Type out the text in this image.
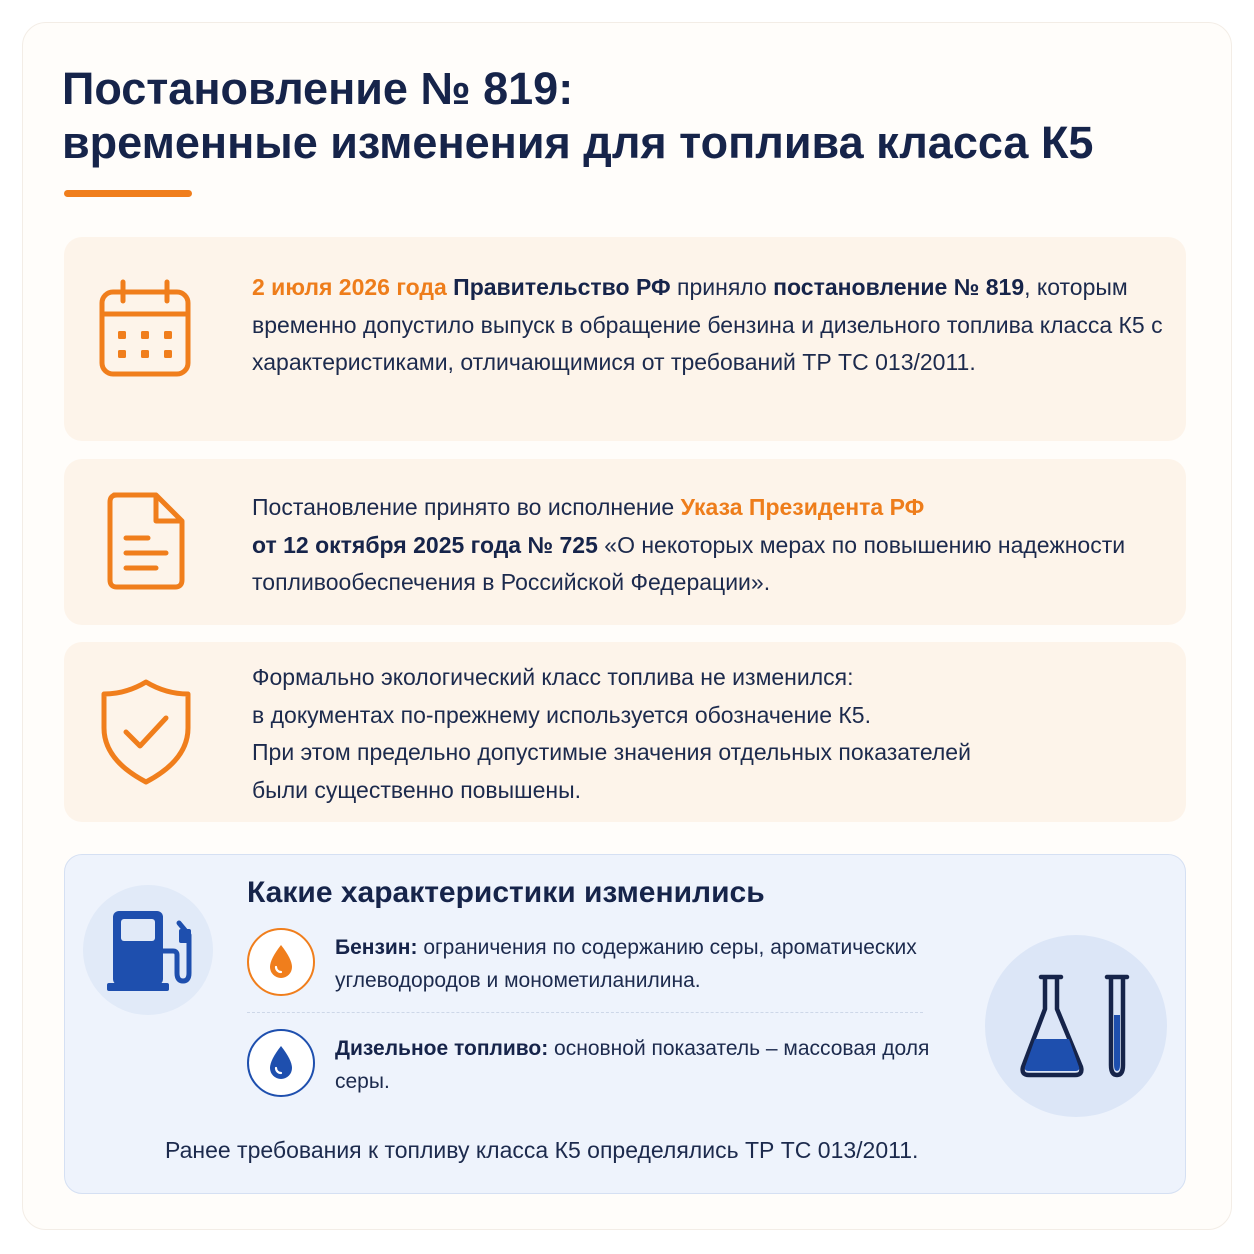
Постановление № 819:
временные изменения для топлива класса К5

2 июля 2026 года Правительство РФ приняло постановление № 819, которым временно допустило выпуск в обращение бензина и дизельного топлива класса К5 с характеристиками, отличающимися от требований ТР ТС 013/2011.

Постановление принято во исполнение Указа Президента РФ
от 12 октября 2025 года № 725 «О некоторых мерах по повышению надежности топливообеспечения в Российской Федерации».

Формально экологический класс топлива не изменился:
в документах по-прежнему используется обозначение К5.
При этом предельно допустимые значения отдельных показателей
были существенно повышены.

Какие характеристики изменились

Бензин: ограничения по содержанию серы, ароматических углеводородов и монометиланилина.

Дизельное топливо: основной показатель – массовая доля серы.

Ранее требования к топливу класса К5 определялись ТР ТС 013/2011.
